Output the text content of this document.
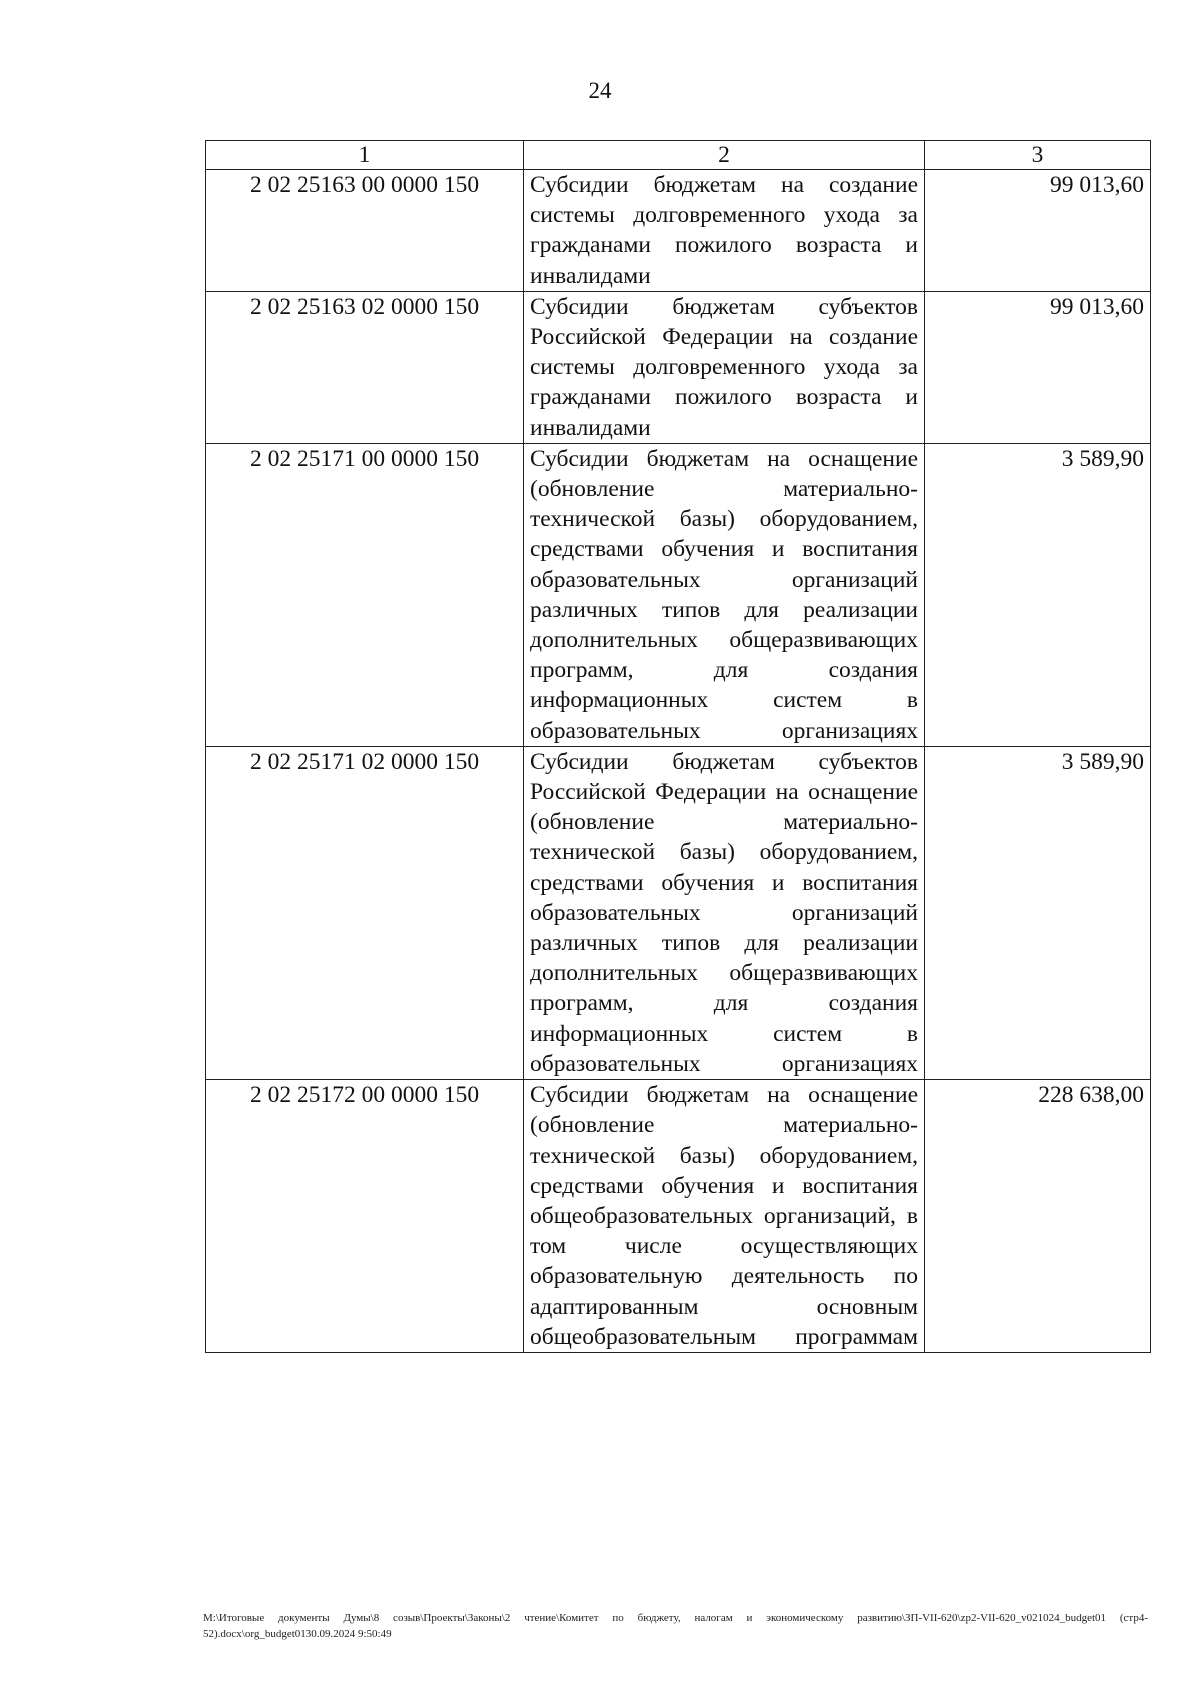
24
1	2	3
2 02 25163 00 0000 150	Субсидии бюджетам на создание системы долговременного ухода за гражданами пожилого возраста и инвалидами	99 013,60
2 02 25163 02 0000 150	Субсидии бюджетам субъектов Российской Федерации на создание системы долговременного ухода за гражданами пожилого возраста и инвалидами	99 013,60
2 02 25171 00 0000 150	Субсидии бюджетам на оснащение (обновление материально-технической базы) оборудованием, средствами обучения и воспитания образовательных организаций различных типов для реализации дополнительных общеразвивающих программ, для создания информационных систем в образовательных организациях	3 589,90
2 02 25171 02 0000 150	Субсидии бюджетам субъектов Российской Федерации на оснащение (обновление материально-технической базы) оборудованием, средствами обучения и воспитания образовательных организаций различных типов для реализации дополнительных общеразвивающих программ, для создания информационных систем в образовательных организациях	3 589,90
2 02 25172 00 0000 150	Субсидии бюджетам на оснащение (обновление материально-технической базы) оборудованием, средствами обучения и воспитания общеобразовательных организаций, в том числе осуществляющих образовательную деятельность по адаптированным основным общеобразовательным программам	228 638,00
М:\Итоговые документы Думы\8 созыв\Проекты\Законы\2 чтение\Комитет по бюджету, налогам и экономическому развитию\ЗП-VII-620\zp2-VII-620_v021024_budget01 (стр4-52).docx\org_budget0130.09.2024 9:50:49
